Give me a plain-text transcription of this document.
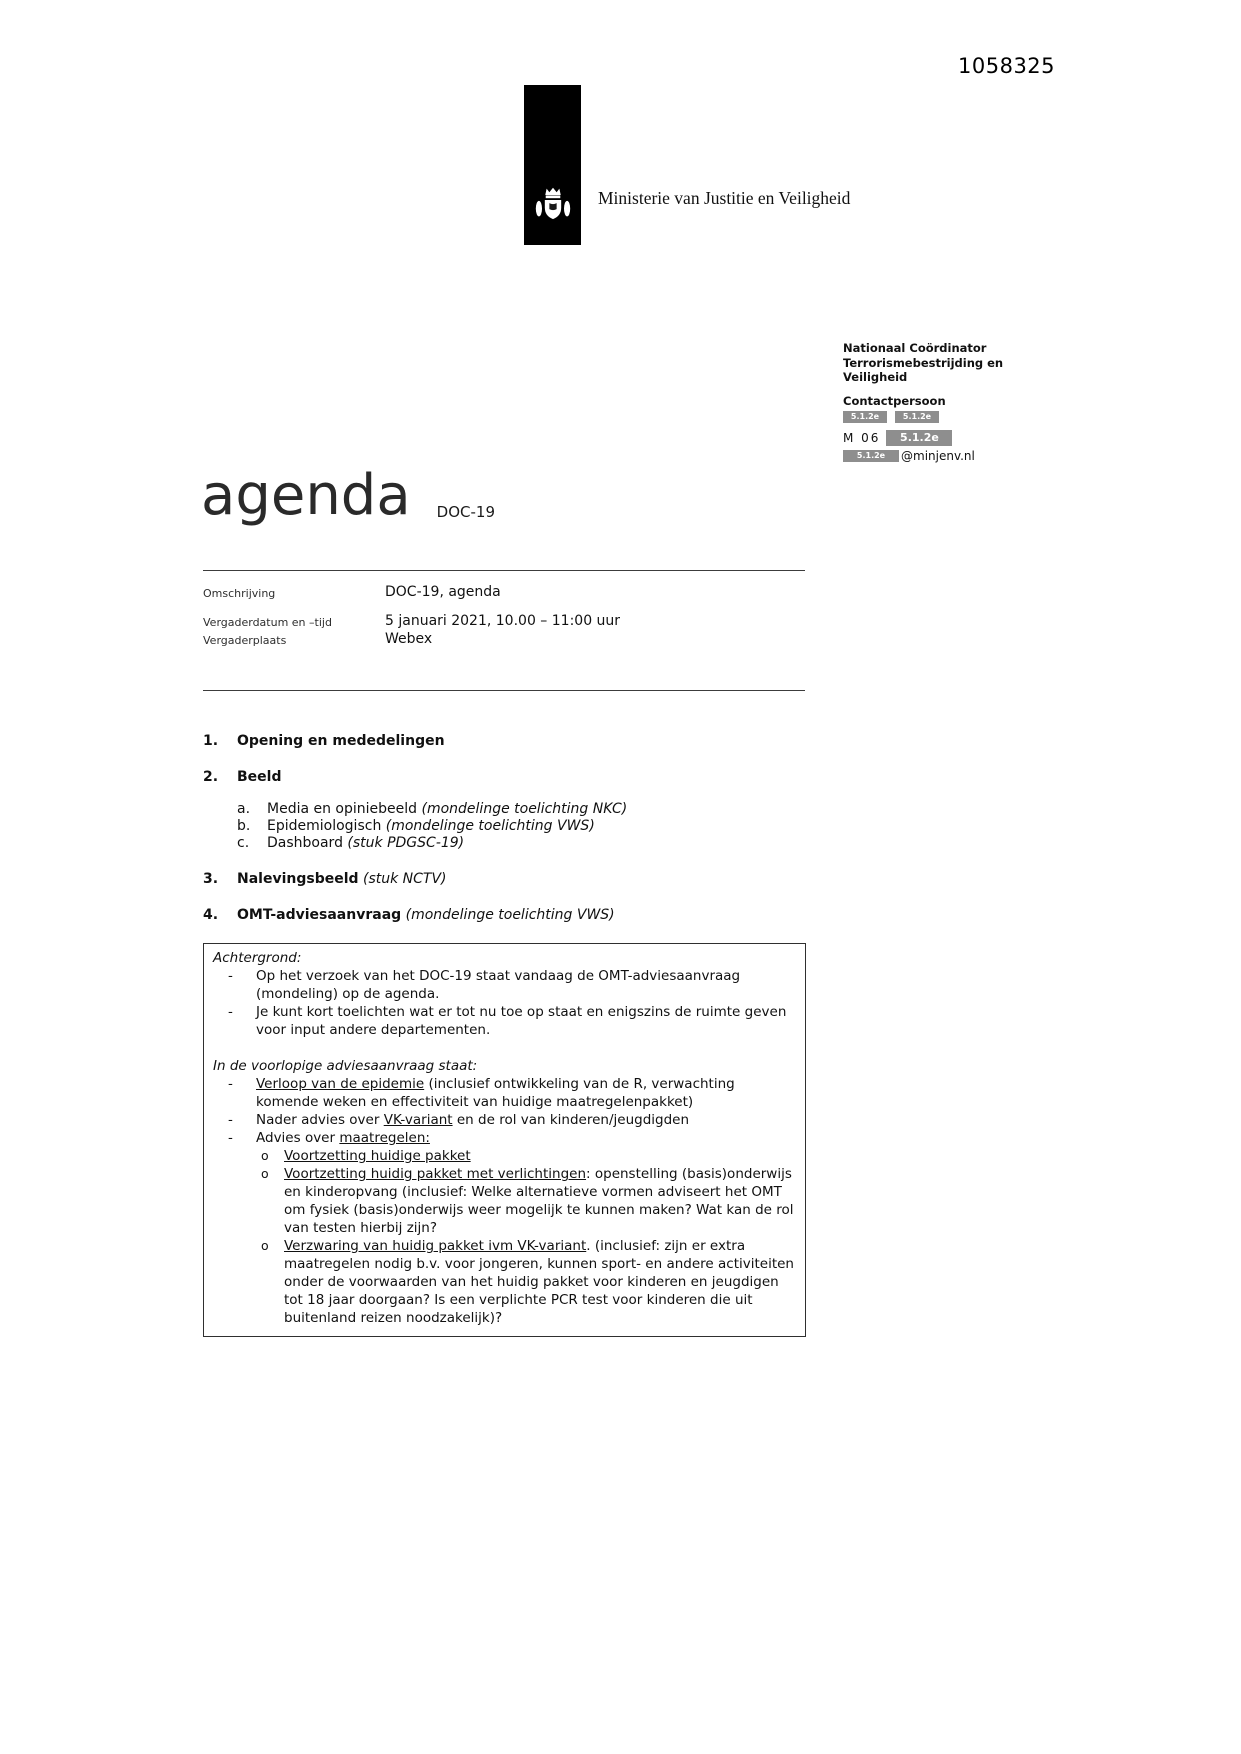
1058325
Ministerie van Justitie en Veiligheid
Nationaal Coördinator
Terrorismebestrijding en
Veiligheid
Contactpersoon
5.1.2e	5.1.2e
M 06	5.1.2e
5.1.2e	@minjenv.nl
agenda DOC-19
Omschrijving	DOC-19, agenda
Vergaderdatum en –tijd	5 januari 2021, 10.00 – 11:00 uur
Vergaderplaats	Webex
1.	Opening en mededelingen
2.	Beeld
a.	Media en opiniebeeld (mondelinge toelichting NKC)
b.	Epidemiologisch (mondelinge toelichting VWS)
c.	Dashboard (stuk PDGSC-19)
3.	Nalevingsbeeld (stuk NCTV)
4.	OMT-adviesaanvraag (mondelinge toelichting VWS)
Achtergrond:
-	Op het verzoek van het DOC-19 staat vandaag de OMT-adviesaanvraag (mondeling) op de agenda.
-	Je kunt kort toelichten wat er tot nu toe op staat en enigszins de ruimte geven voor input andere departementen.
In de voorlopige adviesaanvraag staat:
-	Verloop van de epidemie (inclusief ontwikkeling van de R, verwachting komende weken en effectiviteit van huidige maatregelenpakket)
-	Nader advies over VK-variant en de rol van kinderen/jeugdigden
-	Advies over maatregelen:
o	Voortzetting huidige pakket
o	Voortzetting huidig pakket met verlichtingen: openstelling (basis)onderwijs en kinderopvang (inclusief: Welke alternatieve vormen adviseert het OMT om fysiek (basis)onderwijs weer mogelijk te kunnen maken? Wat kan de rol van testen hierbij zijn?
o	Verzwaring van huidig pakket ivm VK-variant. (inclusief: zijn er extra maatregelen nodig b.v. voor jongeren, kunnen sport- en andere activiteiten onder de voorwaarden van het huidig pakket voor kinderen en jeugdigen tot 18 jaar doorgaan? Is een verplichte PCR test voor kinderen die uit buitenland reizen noodzakelijk)?
